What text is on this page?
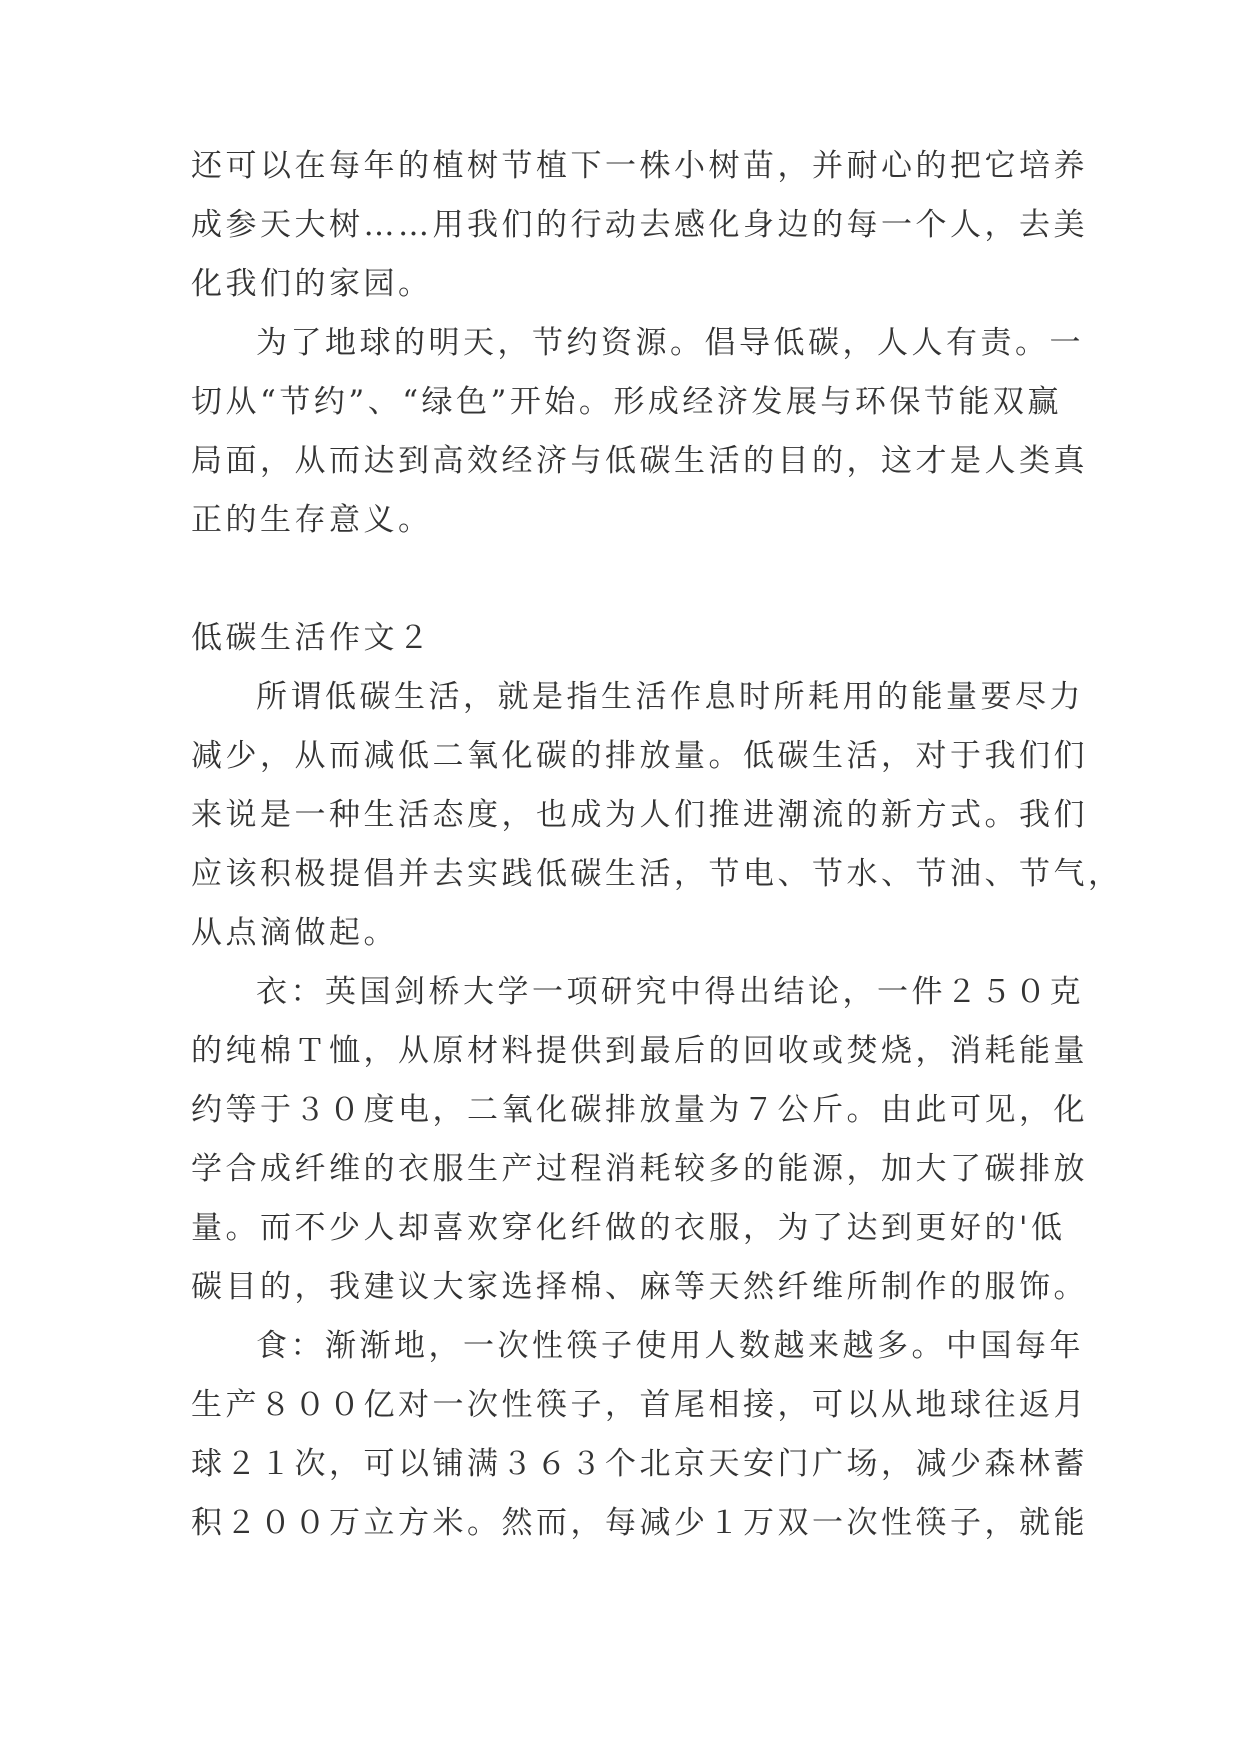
还可以在每年的植树节植下一株小树苗，并耐心的把它培养
成参天大树……用我们的行动去感化身边的每一个人，去美
化我们的家园。
为了地球的明天，节约资源。倡导低碳，人人有责。一
切从“节约”、“绿色”开始。形成经济发展与环保节能双赢
局面，从而达到高效经济与低碳生活的目的，这才是人类真
正的生存意义。
低碳生活作文２
所谓低碳生活，就是指生活作息时所耗用的能量要尽力
减少，从而减低二氧化碳的排放量。低碳生活，对于我们们
来说是一种生活态度，也成为人们推进潮流的新方式。我们
应该积极提倡并去实践低碳生活，节电、节水、节油、节气，
从点滴做起。
衣：英国剑桥大学一项研究中得出结论，一件２５０克
的纯棉Ｔ恤，从原材料提供到最后的回收或焚烧，消耗能量
约等于３０度电，二氧化碳排放量为７公斤。由此可见，化
学合成纤维的衣服生产过程消耗较多的能源，加大了碳排放
量。而不少人却喜欢穿化纤做的衣服，为了达到更好的'低
碳目的，我建议大家选择棉、麻等天然纤维所制作的服饰。
食：渐渐地，一次性筷子使用人数越来越多。中国每年
生产８００亿对一次性筷子，首尾相接，可以从地球往返月
球２１次，可以铺满３６３个北京天安门广场，减少森林蓄
积２００万立方米。然而，每减少１万双一次性筷子，就能
